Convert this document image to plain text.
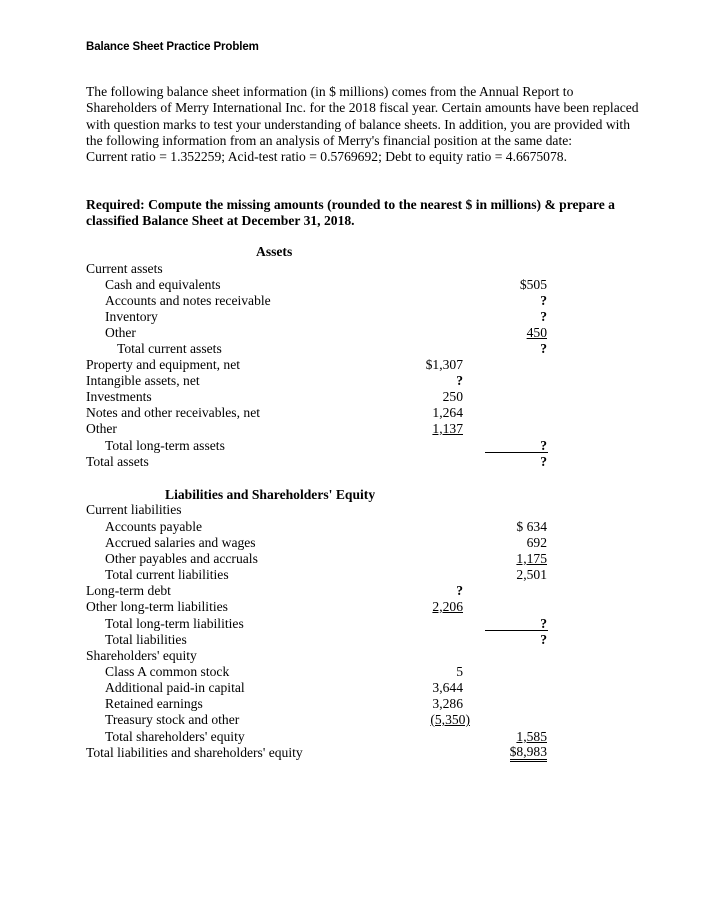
Balance Sheet Practice Problem

The following balance sheet information (in $ millions) comes from the Annual Report to Shareholders of Merry International Inc. for the 2018 fiscal year. Certain amounts have been replaced with question marks to test your understanding of balance sheets. In addition, you are provided with the following information from an analysis of Merry's financial position at the same date:

Current ratio = 1.352259; Acid-test ratio = 0.5769692; Debt to equity ratio = 4.6675078.

Required: Compute the missing amounts (rounded to the nearest $ in millions) & prepare a classified Balance Sheet at December 31, 2018.
Assets
Current assets
Cash and equivalents	$505
Accounts and notes receivable	?
Inventory	?
Other	450
Total current assets	?
Property and equipment, net	$1,307
Intangible assets, net	?
Investments	250
Notes and other receivables, net	1,264
Other	1,137
Total long-term assets	?
Total assets	?
Liabilities and Shareholders' Equity
Current liabilities
Accounts payable	$ 634
Accrued salaries and wages	692
Other payables and accruals	1,175
Total current liabilities	2,501
Long-term debt	?
Other long-term liabilities	2,206
Total long-term liabilities	?
Total liabilities	?
Shareholders' equity
Class A common stock	5
Additional paid-in capital	3,644
Retained earnings	3,286
Treasury stock and other	(5,350)
Total shareholders' equity	1,585
Total liabilities and shareholders' equity	$8,983
